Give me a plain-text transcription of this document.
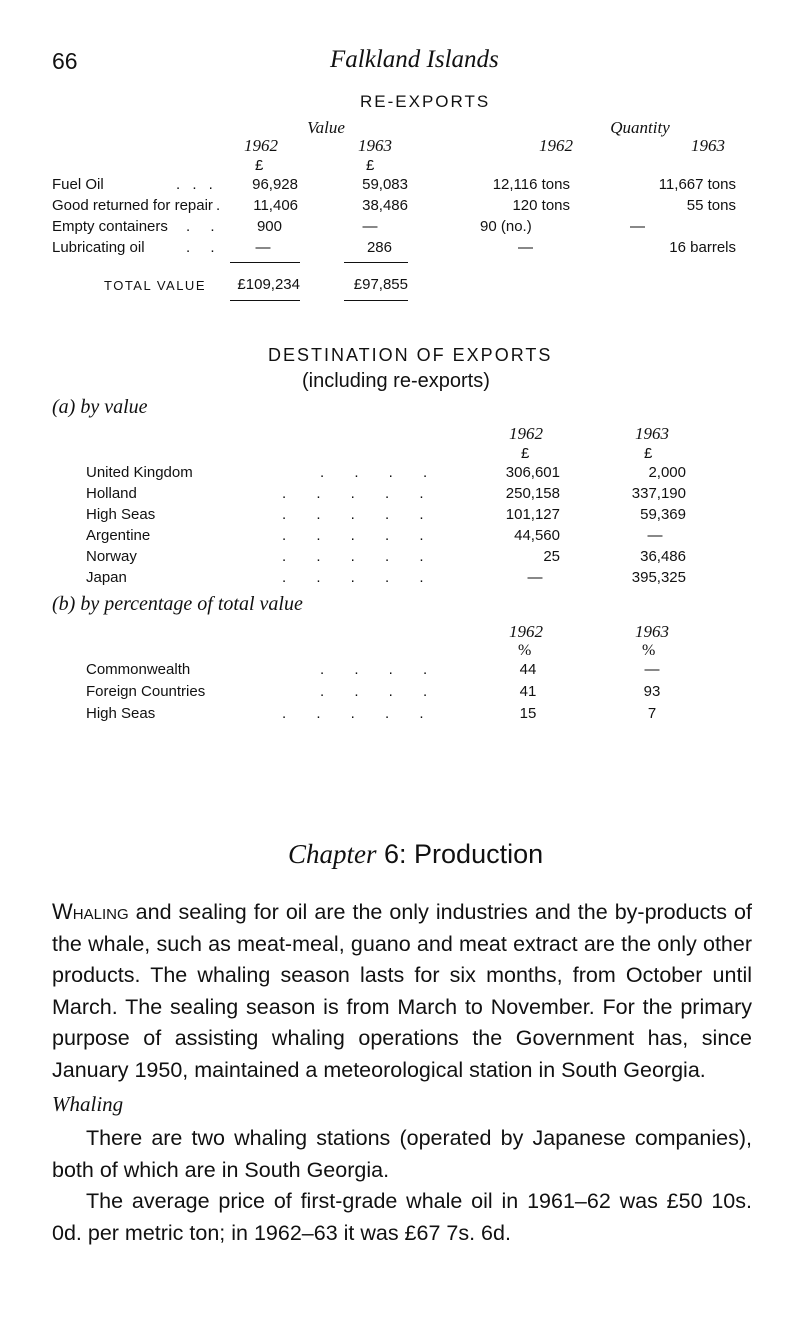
66	Falkland Islands
RE-EXPORTS
Value	Quantity
1962	1963	1962	1963
£	£
Fuel Oil	. . .	96,928	59,083	12,116 tons	11,667 tons
Good returned for repair .	11,406	38,486	120 tons	55 tons
Empty containers . .	900	—	90 (no.)	—
Lubricating oil	. .	—	286	—	16 barrels
TOTAL VALUE	£109,234	£97,855
DESTINATION OF EXPORTS
(including re-exports)
(a) by value
1962	1963
£	£
United Kingdom	. . . .	306,601	2,000
Holland	. . . . .	250,158	337,190
High Seas	. . . . .	101,127	59,369
Argentine	. . . . .	44,560	—
Norway	. . . . .	25	36,486
Japan	. . . . .	—	395,325
(b) by percentage of total value
1962	1963
%	%
Commonwealth	. . . .	44	—
Foreign Countries	. . . .	41	93
High Seas	. . . . .	15	7
Chapter 6: Production
Whaling and sealing for oil are the only industries and the by-products of the whale, such as meat-meal, guano and meat extract are the only other products. The whaling season lasts for six months, from October until March. The sealing season is from March to November. For the primary purpose of assisting whaling operations the Government has, since January 1950, maintained a meteorological station in South Georgia.
Whaling
There are two whaling stations (operated by Japanese companies), both of which are in South Georgia.
The average price of first-grade whale oil in 1961–62 was £50 10s. 0d. per metric ton; in 1962–63 it was £67 7s. 6d.
